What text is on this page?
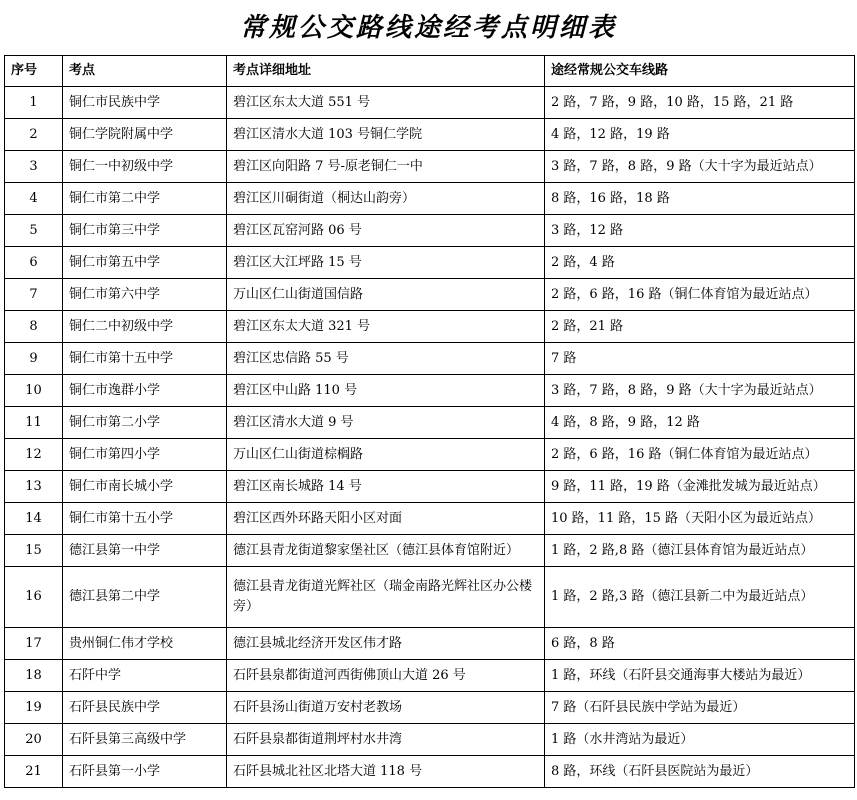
常规公交路线途经考点明细表
序号	考点	考点详细地址	途经常规公交车线路
1	铜仁市民族中学	碧江区东太大道 551 号	2 路，7 路，9 路，10 路，15 路，21 路
2	铜仁学院附属中学	碧江区清水大道 103 号铜仁学院	4 路，12 路，19 路
3	铜仁一中初级中学	碧江区向阳路 7 号-原老铜仁一中	3 路，7 路，8 路，9 路（大十字为最近站点）
4	铜仁市第二中学	碧江区川硐街道（桐达山韵旁）	8 路，16 路，18 路
5	铜仁市第三中学	碧江区瓦窑河路 06 号	3 路，12 路
6	铜仁市第五中学	碧江区大江坪路 15 号	2 路，4 路
7	铜仁市第六中学	万山区仁山街道国信路	2 路，6 路，16 路（铜仁体育馆为最近站点）
8	铜仁二中初级中学	碧江区东太大道 321 号	2 路，21 路
9	铜仁市第十五中学	碧江区忠信路 55 号	7 路
10	铜仁市逸群小学	碧江区中山路 110 号	3 路，7 路，8 路，9 路（大十字为最近站点）
11	铜仁市第二小学	碧江区清水大道 9 号	4 路，8 路，9 路，12 路
12	铜仁市第四小学	万山区仁山街道棕榈路	2 路，6 路，16 路（铜仁体育馆为最近站点）
13	铜仁市南长城小学	碧江区南长城路 14 号	9 路，11 路，19 路（金滩批发城为最近站点）
14	铜仁市第十五小学	碧江区西外环路天阳小区对面	10 路，11 路，15 路（天阳小区为最近站点）
15	德江县第一中学	德江县青龙街道黎家堡社区（德江县体育馆附近）	1 路，2 路,8 路（德江县体育馆为最近站点）
16	德江县第二中学	德江县青龙街道光辉社区（瑞金南路光辉社区办公楼旁）	1 路，2 路,3 路（德江县新二中为最近站点）
17	贵州铜仁伟才学校	德江县城北经济开发区伟才路	6 路，8 路
18	石阡中学	石阡县泉都街道河西街佛顶山大道 26 号	1 路，环线（石阡县交通海事大楼站为最近）
19	石阡县民族中学	石阡县汤山街道万安村老教场	7 路（石阡县民族中学站为最近）
20	石阡县第三高级中学	石阡县泉都街道荆坪村水井湾	1 路（水井湾站为最近）
21	石阡县第一小学	石阡县城北社区北塔大道 118 号	8 路，环线（石阡县医院站为最近）
